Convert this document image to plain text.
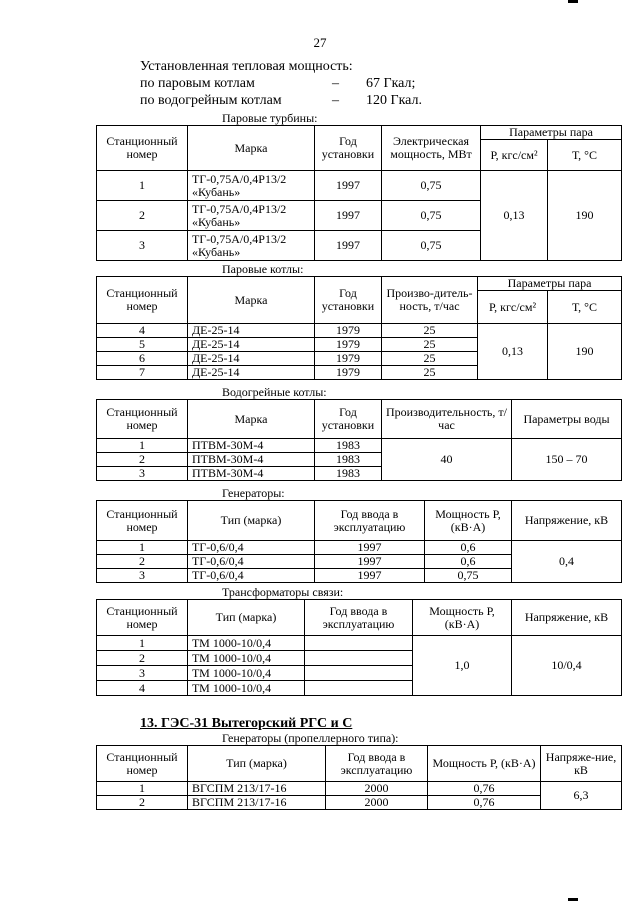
27
Установленная тепловая мощность:
по паровым котлам	– 67 Гкал;
по водогрейным котлам	– 120 Гкал.
Паровые турбины:
Станционный номер	Марка	Год установки	Электрическая мощность, МВт	Параметры пара	
				Р, кгс/см²	Т, °С
1	ТГ-0,75А/0,4Р13/2 «Кубань»	1997	0,75	0,13	190
2	ТГ-0,75А/0,4Р13/2 «Кубань»	1997	0,75		
3	ТГ-0,75А/0,4Р13/2 «Кубань»	1997	0,75		
Паровые котлы:
Станционный номер	Марка	Год установки	Произво-дитель-ность, т/час	Параметры пара	
				Р, кгс/см²	Т, °С
4	ДЕ-25-14	1979	25	0,13	190
5	ДЕ-25-14	1979	25		
6	ДЕ-25-14	1979	25		
7	ДЕ-25-14	1979	25		
Водогрейные котлы:
Станционный номер	Марка	Год установки	Производительность, т/час	Параметры воды
1	ПТВМ-30М-4	1983	40	150 – 70
2	ПТВМ-30М-4	1983		
3	ПТВМ-30М-4	1983		
Генераторы:
Станционный номер	Тип (марка)	Год ввода в эксплуатацию	Мощность Р, (кВ·А)	Напряжение, кВ
1	ТГ-0,6/0,4	1997	0,6	0,4
2	ТГ-0,6/0,4	1997	0,6	
3	ТГ-0,6/0,4	1997	0,75	
Трансформаторы связи:
Станционный номер	Тип (марка)	Год ввода в эксплуатацию	Мощность Р, (кВ·А)	Напряжение, кВ
1	ТМ 1000-10/0,4		1,0	10/0,4
2	ТМ 1000-10/0,4			
3	ТМ 1000-10/0,4			
4	ТМ 1000-10/0,4			
13. ГЭС-31 Вытегорский РГС и С
Генераторы (пропеллерного типа):
Станционный номер	Тип (марка)	Год ввода в эксплуатацию	Мощность Р, (кВ·А)	Напряже-ние, кВ
1	ВГСПМ 213/17-16	2000	0,76	6,3
2	ВГСПМ 213/17-16	2000	0,76	
